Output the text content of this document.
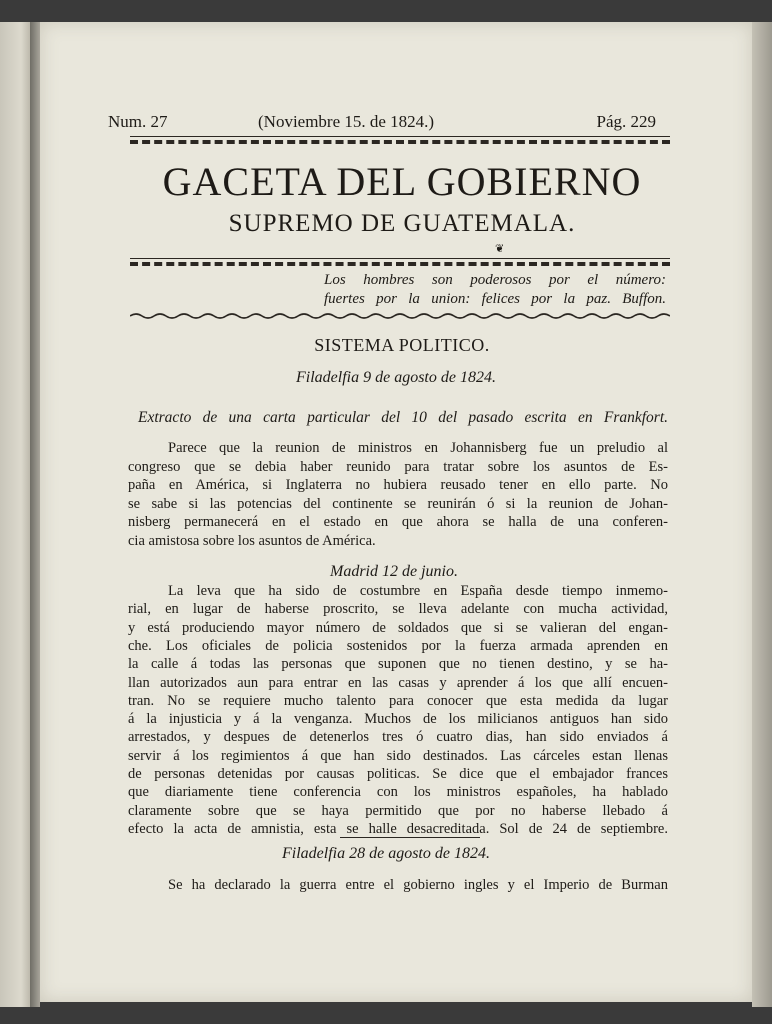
Num. 27	(Noviembre 15. de 1824.)	Pág. 229
GACETA DEL GOBIERNO
SUPREMO DE GUATEMALA.
❦
Los hombres son poderosos por el número:
fuertes por la union: felices por la paz. Buffon.
SISTEMA POLITICO.
Filadelfia 9 de agosto de 1824.
Extracto de una carta particular del 10 del pasado escrita en Frankfort.
Parece que la reunion de ministros en Johannisberg fue un preludio al
congreso que se debia haber reunido para tratar sobre los asuntos de Es-
paña en América, si Inglaterra no hubiera reusado tener en ello parte. No
se sabe si las potencias del continente se reunirán ó si la reunion de Johan-
nisberg permanecerá en el estado en que ahora se halla de una conferen-
cia amistosa sobre los asuntos de América.
Madrid 12 de junio.
La leva que ha sido de costumbre en España desde tiempo inmemo-
rial, en lugar de haberse proscrito, se lleva adelante con mucha actividad,
y está produciendo mayor número de soldados que si se valieran del engan-
che. Los oficiales de policia sostenidos por la fuerza armada aprenden en
la calle á todas las personas que suponen que no tienen destino, y se ha-
llan autorizados aun para entrar en las casas y aprender á los que allí encuen-
tran. No se requiere mucho talento para conocer que esta medida da lugar
á la injusticia y á la venganza. Muchos de los milicianos antiguos han sido
arrestados, y despues de detenerlos tres ó cuatro dias, han sido enviados á
servir á los regimientos á que han sido destinados. Las cárceles estan llenas
de personas detenidas por causas politicas. Se dice que el embajador frances
que diariamente tiene conferencia con los ministros españoles, ha hablado
claramente sobre que se haya permitido que por no haberse llebado á
efecto la acta de amnistia, esta se halle desacreditada. Sol de 24 de septiembre.
Filadelfia 28 de agosto de 1824.
Se ha declarado la guerra entre el gobierno ingles y el Imperio de Burman
